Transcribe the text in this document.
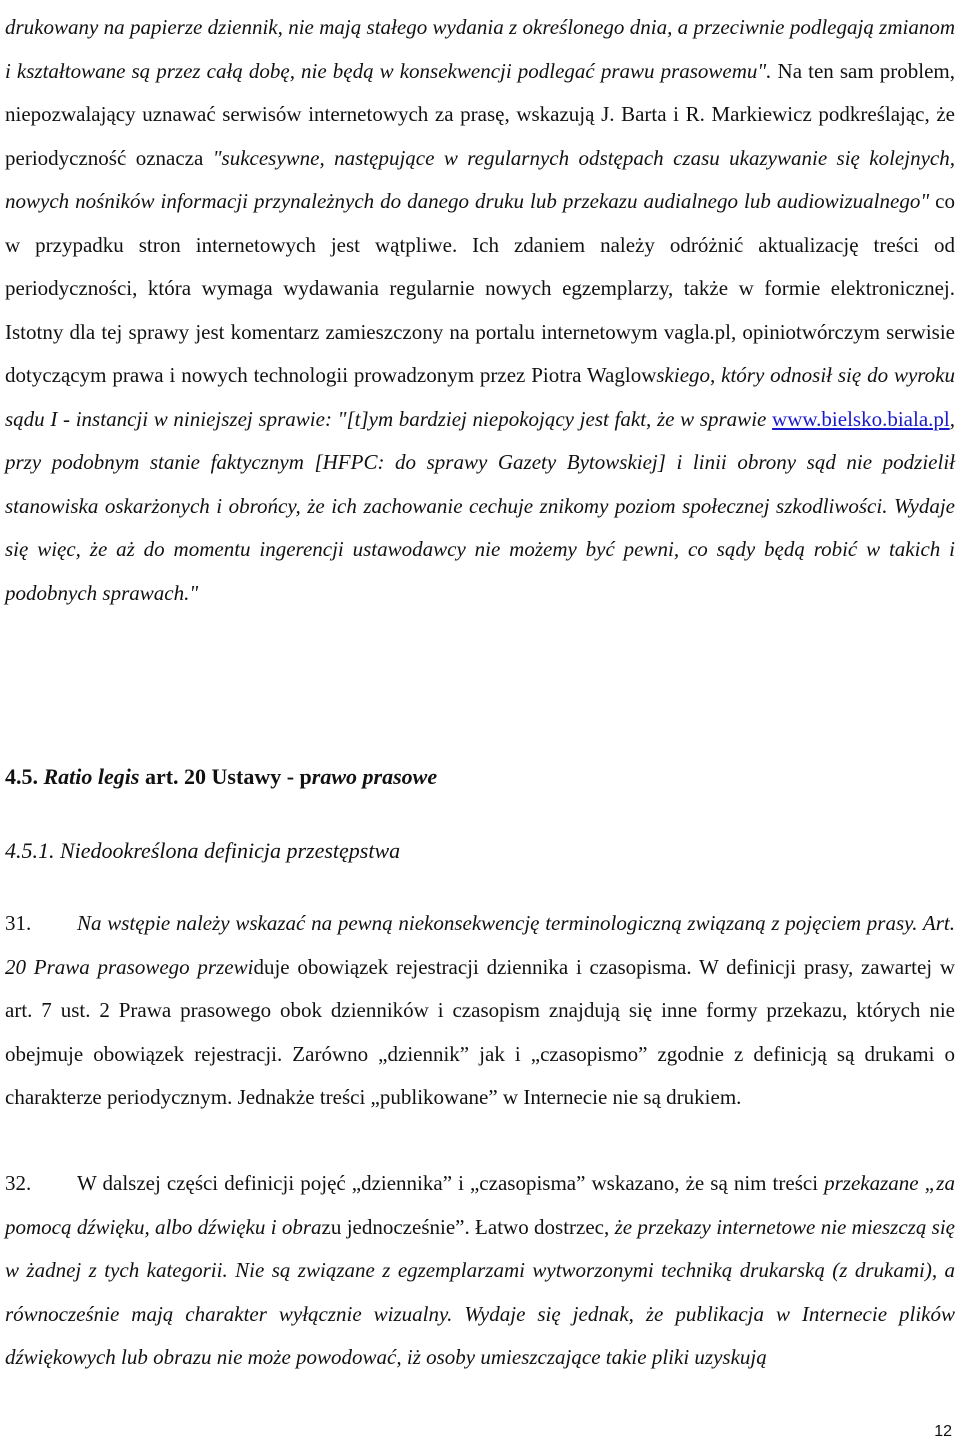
drukowany na papierze dziennik, nie mają stałego wydania z określonego dnia, a przeciwnie podlegają zmianom i kształtowane są przez całą dobę, nie będą w konsekwencji podlegać prawu prasowemu". Na ten sam problem, niepozwalający uznawać serwisów internetowych za prasę, wskazują J. Barta i R. Markiewicz podkreślając, że periodyczność oznacza "sukcesywne, następujące w regularnych odstępach czasu ukazywanie się kolejnych, nowych nośników informacji przynależnych do danego druku lub przekazu audialnego lub audiowizualnego" co w przypadku stron internetowych jest wątpliwe. Ich zdaniem należy odróżnić aktualizację treści od periodyczności, która wymaga wydawania regularnie nowych egzemplarzy, także w formie elektronicznej. Istotny dla tej sprawy jest komentarz zamieszczony na portalu internetowym vagla.pl, opiniotwórczym serwisie dotyczącym prawa i nowych technologii prowadzonym przez Piotra Waglowskiego, który odnosił się do wyroku sądu I - instancji w niniejszej sprawie: "[t]ym bardziej niepokojący jest fakt, że w sprawie www.bielsko.biala.pl, przy podobnym stanie faktycznym [HFPC: do sprawy Gazety Bytowskiej] i linii obrony sąd nie podzielił stanowiska oskarżonych i obrońcy, że ich zachowanie cechuje znikomy poziom społecznej szkodliwości. Wydaje się więc, że aż do momentu ingerencji ustawodawcy nie możemy być pewni, co sądy będą robić w takich i podobnych sprawach."

4.5. Ratio legis art. 20 Ustawy - prawo prasowe

4.5.1. Niedookreślona definicja przestępstwa

31. Na wstępie należy wskazać na pewną niekonsekwencję terminologiczną związaną z pojęciem prasy. Art. 20 Prawa prasowego przewiduje obowiązek rejestracji dziennika i czasopisma. W definicji prasy, zawartej w art. 7 ust. 2 Prawa prasowego obok dzienników i czasopism znajdują się inne formy przekazu, których nie obejmuje obowiązek rejestracji. Zarówno „dziennik” jak i „czasopismo” zgodnie z definicją są drukami o charakterze periodycznym. Jednakże treści „publikowane” w Internecie nie są drukiem.

32. W dalszej części definicji pojęć „dziennika” i „czasopisma” wskazano, że są nim treści przekazane „za pomocą dźwięku, albo dźwięku i obrazu jednocześnie”. Łatwo dostrzec, że przekazy internetowe nie mieszczą się w żadnej z tych kategorii. Nie są związane z egzemplarzami wytworzonymi techniką drukarską (z drukami), a równocześnie mają charakter wyłącznie wizualny. Wydaje się jednak, że publikacja w Internecie plików dźwiękowych lub obrazu nie może powodować, iż osoby umieszczające takie pliki uzyskują

12
